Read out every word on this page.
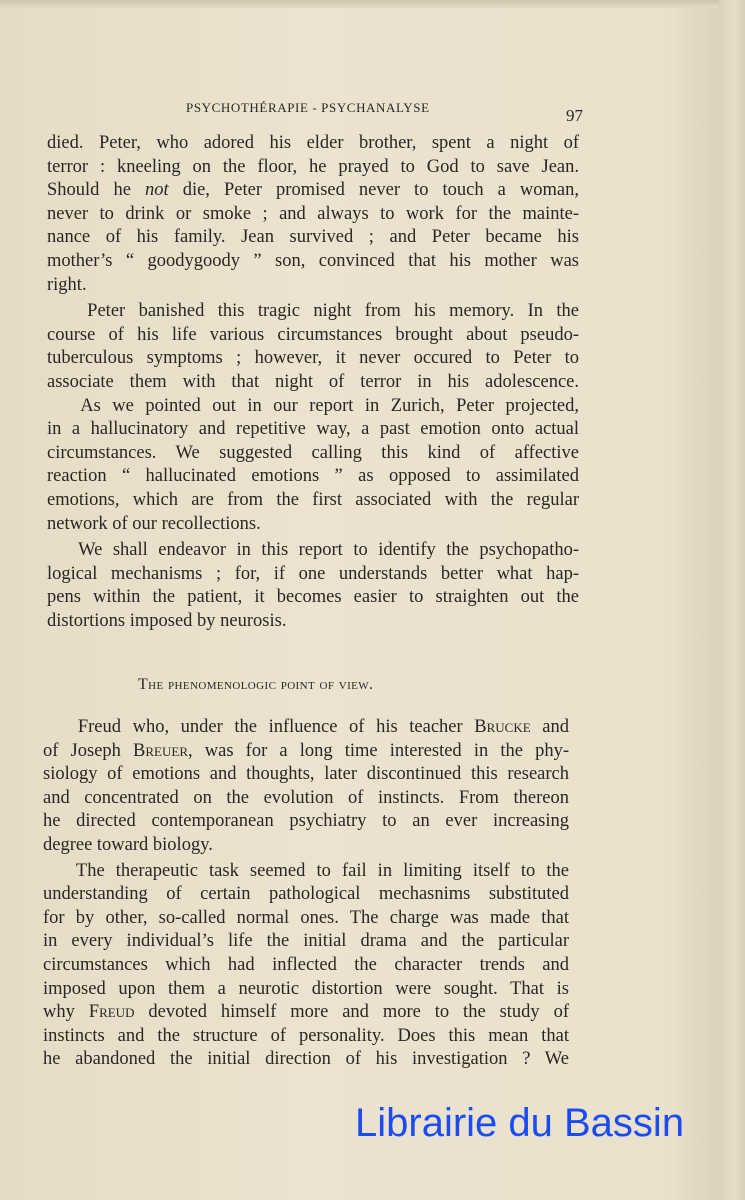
PSYCHOTHÉRAPIE - PSYCHANALYSE	97
died. Peter, who adored his elder brother, spent a night of
terror : kneeling on the floor, he prayed to God to save Jean.
Should he not die, Peter promised never to touch a woman,
never to drink or smoke ; and always to work for the mainte-
nance of his family. Jean survived ; and Peter became his
mother’s “ goodygoody ” son, convinced that his mother was
right.
Peter banished this tragic night from his memory. In the
course of his life various circumstances brought about pseudo-
tuberculous symptoms ; however, it never occured to Peter to
associate them with that night of terror in his adolescence.
As we pointed out in our report in Zurich, Peter projected,
in a hallucinatory and repetitive way, a past emotion onto actual
circumstances. We suggested calling this kind of affective
reaction “ hallucinated emotions ” as opposed to assimilated
emotions, which are from the first associated with the regular
network of our recollections.
We shall endeavor in this report to identify the psychopatho-
logical mechanisms ; for, if one understands better what hap-
pens within the patient, it becomes easier to straighten out the
distortions imposed by neurosis.
The phenomenologic point of view.
Freud who, under the influence of his teacher Brucke and
of Joseph Breuer, was for a long time interested in the phy-
siology of emotions and thoughts, later discontinued this research
and concentrated on the evolution of instincts. From thereon
he directed contemporanean psychiatry to an ever increasing
degree toward biology.
The therapeutic task seemed to fail in limiting itself to the
understanding of certain pathological mechasnims substituted
for by other, so-called normal ones. The charge was made that
in every individual’s life the initial drama and the particular
circumstances which had inflected the character trends and
imposed upon them a neurotic distortion were sought. That is
why Freud devoted himself more and more to the study of
instincts and the structure of personality. Does this mean that
he abandoned the initial direction of his investigation ? We
Librairie du Bassin
